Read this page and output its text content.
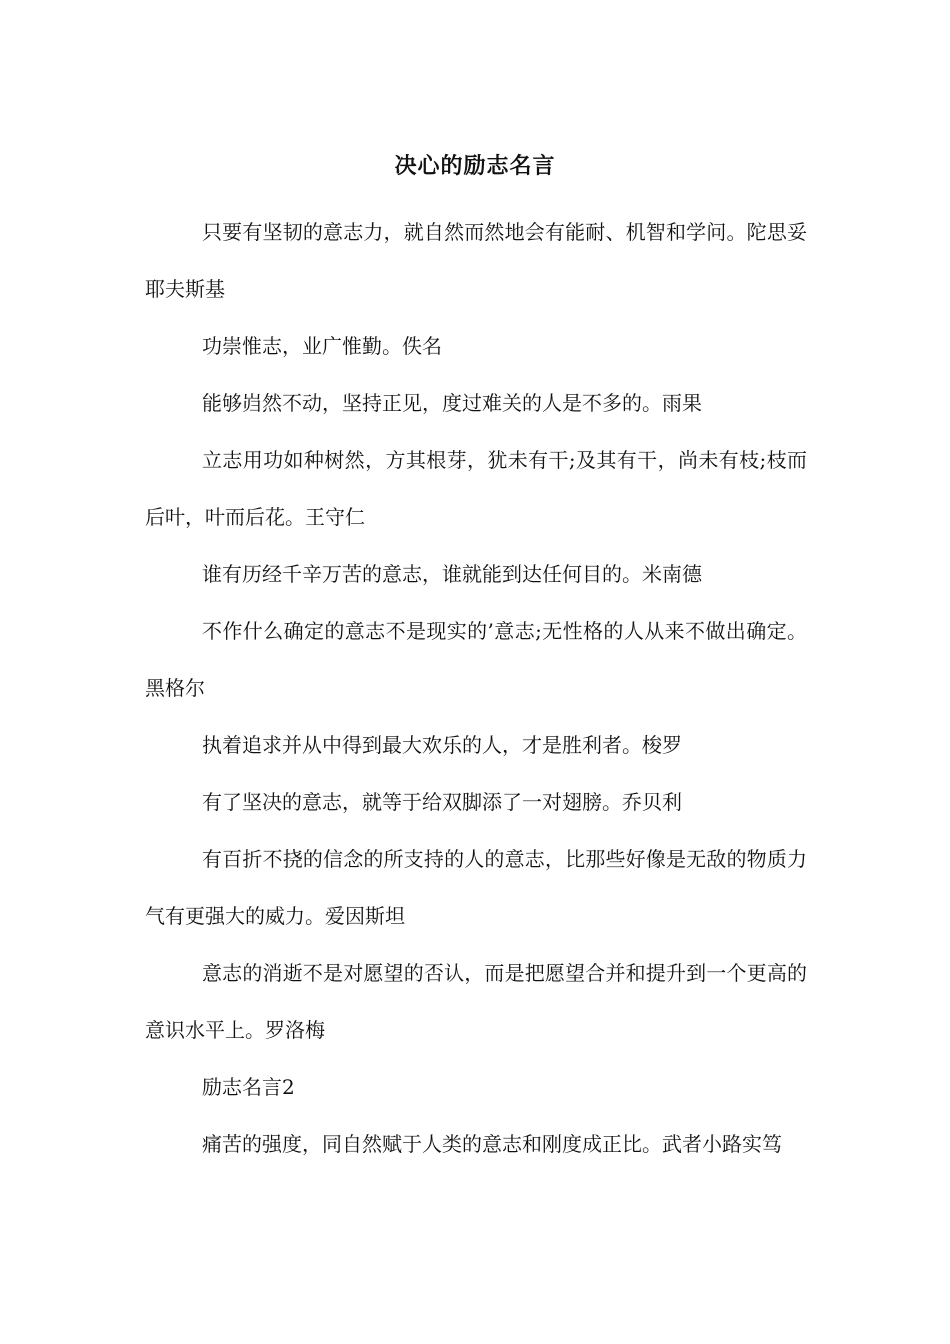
决心的励志名言

只要有坚韧的意志力，就自然而然地会有能耐、机智和学问。陀思妥耶夫斯基

功崇惟志，业广惟勤。佚名

能够岿然不动，坚持正见，度过难关的人是不多的。雨果

立志用功如种树然，方其根芽，犹未有干;及其有干，尚未有枝;枝而后叶，叶而后花。王守仁

谁有历经千辛万苦的意志，谁就能到达任何目的。米南德

不作什么确定的意志不是现实的’意志;无性格的人从来不做出确定。黑格尔

执着追求并从中得到最大欢乐的人，才是胜利者。梭罗

有了坚决的意志，就等于给双脚添了一对翅膀。乔贝利

有百折不挠的信念的所支持的人的意志，比那些好像是无敌的物质力气有更强大的威力。爱因斯坦

意志的消逝不是对愿望的否认，而是把愿望合并和提升到一个更高的意识水平上。罗洛梅

励志名言2

痛苦的强度，同自然赋于人类的意志和刚度成正比。武者小路实笃
